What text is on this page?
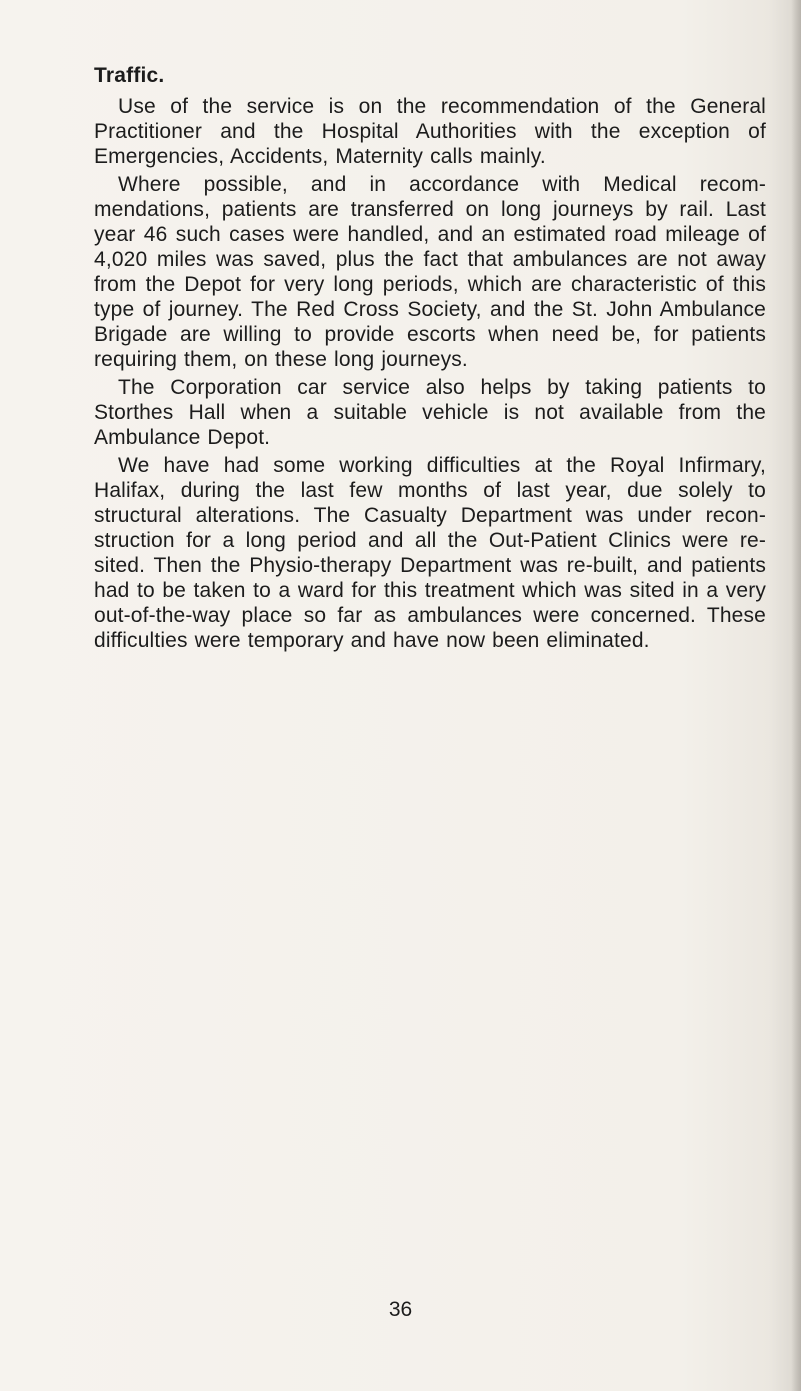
Traffic.

Use of the service is on the recommendation of the General Practitioner and the Hospital Authorities with the exception of Emergencies, Accidents, Maternity calls mainly.

Where possible, and in accordance with Medical recom-mendations, patients are transferred on long journeys by rail. Last year 46 such cases were handled, and an estimated road mileage of 4,020 miles was saved, plus the fact that ambulances are not away from the Depot for very long periods, which are characteristic of this type of journey. The Red Cross Society, and the St. John Ambulance Brigade are willing to provide escorts when need be, for patients requiring them, on these long journeys.

The Corporation car service also helps by taking patients to Storthes Hall when a suitable vehicle is not available from the Ambulance Depot.

We have had some working difficulties at the Royal Infirmary, Halifax, during the last few months of last year, due solely to structural alterations. The Casualty Department was under recon-struction for a long period and all the Out-Patient Clinics were re-sited. Then the Physio-therapy Department was re-built, and patients had to be taken to a ward for this treatment which was sited in a very out-of-the-way place so far as ambulances were concerned. These difficulties were temporary and have now been eliminated.

36
